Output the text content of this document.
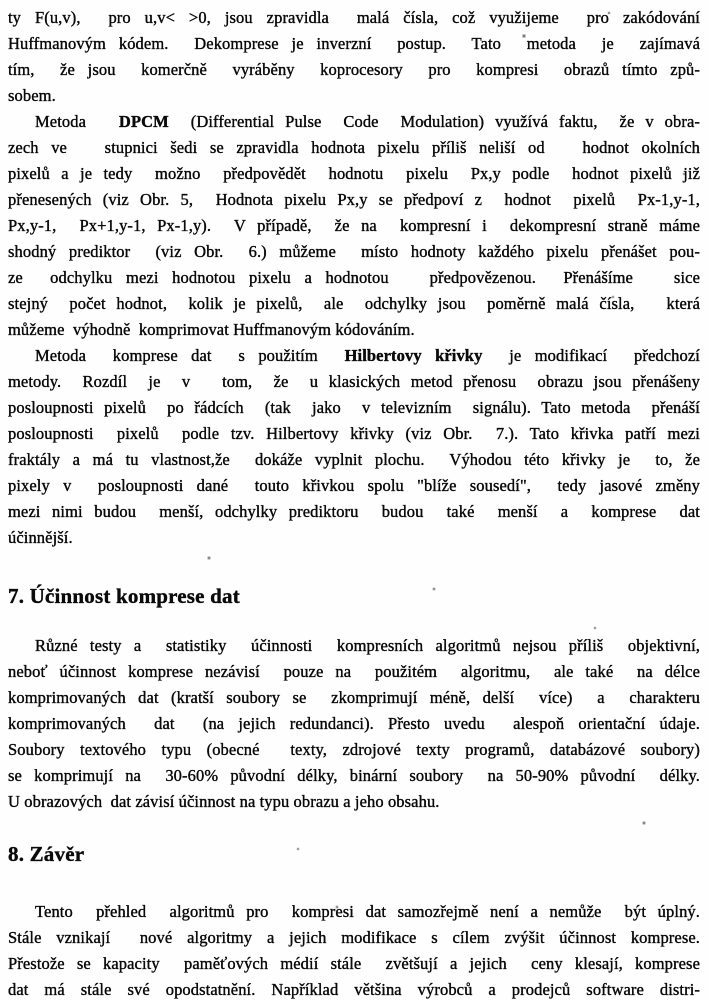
ty F(u,v),  pro u,v< >0, jsou zpravidla  malá čísla, což využijeme  pro zakódování
Huffmanovým kódem.  Dekomprese je inverzní  postup.  Tato  metoda  je  zajímavá
tím,  že jsou  komerčně  vyráběny  koprocesory  pro  kompresi  obrazů tímto způ-
sobem.
Metoda   DPCM  (Differential Pulse  Code  Modulation) využívá faktu,  že v obra-
zech ve   stupnici šedi se zpravidla hodnota pixelu příliš neliší od   hodnot okolních
pixelů a je tedy  možno  předpovědět  hodnotu  pixelu  Px,y podle  hodnot pixelů již
přenesených (viz Obr. 5,  Hodnota pixelu Px,y se předpoví z  hodnot  pixelů  Px-1,y-1,
Px,y-1,  Px+1,y-1, Px-1,y).  V případě,  že na  kompresní i  dekompresní straně máme
shodný prediktor  (viz Obr.  6.) můžeme  místo hodnoty každého pixelu přenášet pou-
ze  odchylku mezi hodnotou pixelu a hodnotou   předpovězenou.  Přenášíme   sice
stejný  počet hodnot,  kolik je pixelů,  ale  odchylky jsou  poměrně malá čísla,   která
můžeme  výhodně  komprimovat Huffmanovým kódováním.
Metoda  komprese dat  s použitím  Hilbertovy křivky  je modifikací  předchozí
metody.  Rozdíl  je  v   tom,  že  u klasických metod přenosu  obrazu jsou přenášeny
posloupnosti pixelů  po řádcích  (tak  jako  v televizním  signálu). Tato metoda  přenáší
posloupnosti  pixelů  podle tzv. Hilbertovy křivky (viz Obr.  7.). Tato křivka patří mezi
fraktály a má tu vlastnost,že  dokáže vyplnit plochu.  Výhodou této křivky je  to, že
pixely v  posloupnosti dané  touto křivkou spolu "blíže sousedí",  tedy jasové změny
mezi nimi budou  menší, odchylky prediktoru  budou  také  menší  a  komprese  dat
účinnější.
7. Účinnost komprese dat
Různé testy a  statistiky  účinnosti  kompresních algoritmů nejsou příliš  objektivní,
neboť účinnost komprese nezávisí  pouze na  použitém  algoritmu,  ale také  na délce
komprimovaných dat (kratší soubory se  zkomprimují méně, delší  více)  a  charakteru
komprimovaných  dat  (na jejich redundanci). Přesto uvedu  alespoň orientační údaje.
Soubory textového typu (obecné  texty, zdrojové texty programů, databázové soubory)
se komprimují na  30-60% původní délky, binární soubory  na 50-90% původní  délky.
U obrazových  dat závisí účinnost na typu obrazu a jeho obsahu.
8. Závěr
Tento  přehled  algoritmů pro  kompresi dat samozřejmě není a nemůže  být úplný.
Stále vznikají  nové algoritmy a jejich modifikace s cílem zvýšit účinnost komprese.
Přestože se kapacity  paměťových médií stále  zvětšují a jejich  ceny klesají, komprese
dat má stále své opodstatnění. Například většina výrobců a prodejců software distri-
